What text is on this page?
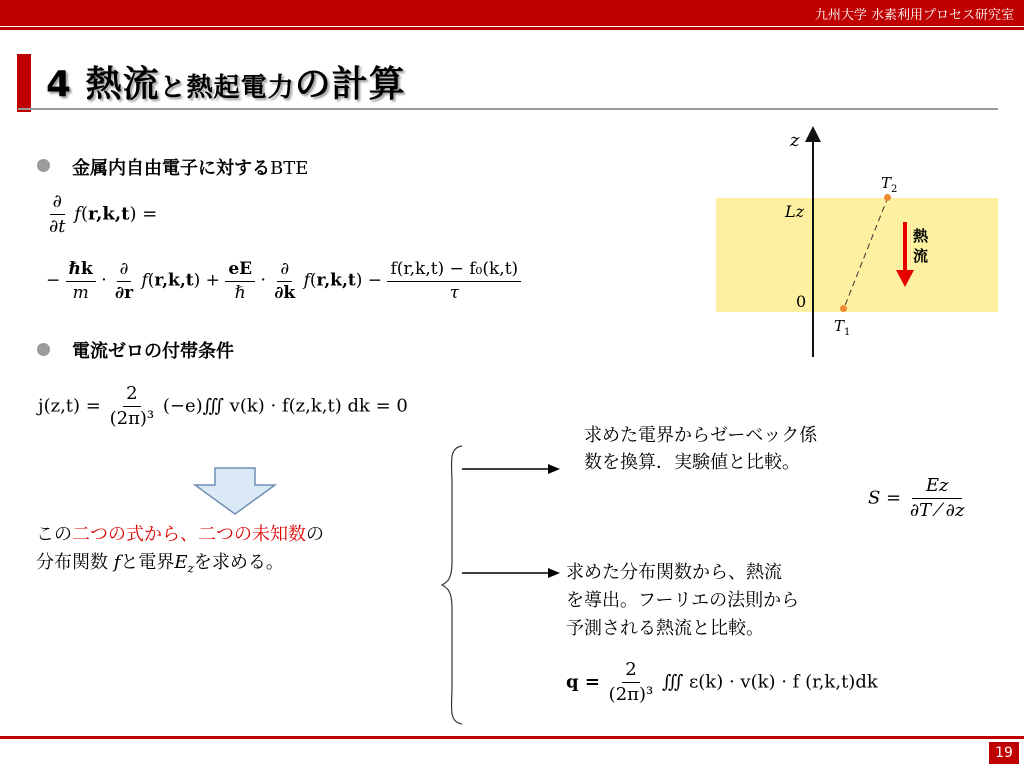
九州大学 水素利用プロセス研究室
4 熱流と熱起電力の計算
金属内自由電子に対するBTE
$\frac{\partial}{\partial t} f(r,k,t)$ =
− $\frac{\text{ℏk}}{m} \cdot \frac{\partial}{\partial r} f(r,k,t) + \frac{eE}{\text{ℏ}} \cdot \frac{\partial}{\partial k} f(r,k,t) - \frac{\text{f(r,k,t) − f₀(k,t)}}{\tau}$
電流ゼロの付帯条件
$j(z,t) = \frac{2}{\text{(2π)³}}$ (−e)∭ v(k) · f(z,k,t) dk = 0
この二つの式から、二つの未知数の
分布関数 fと電界$E_z$を求める。
求めた電界からゼーベック係
数を換算．実験値と比較。
$S = \frac{Ez}{\partial T ⁄ \partial z}$
求めた分布関数から、熱流
を導出。フーリエの法則から
予測される熱流と比較。
$q = \frac{2}{\text{(2π)³}}$ ∭ ε(k) · v(k) · f (r,k,t)dk
z
Lz
0
$T_2$
$T_1$
熱
流
19
